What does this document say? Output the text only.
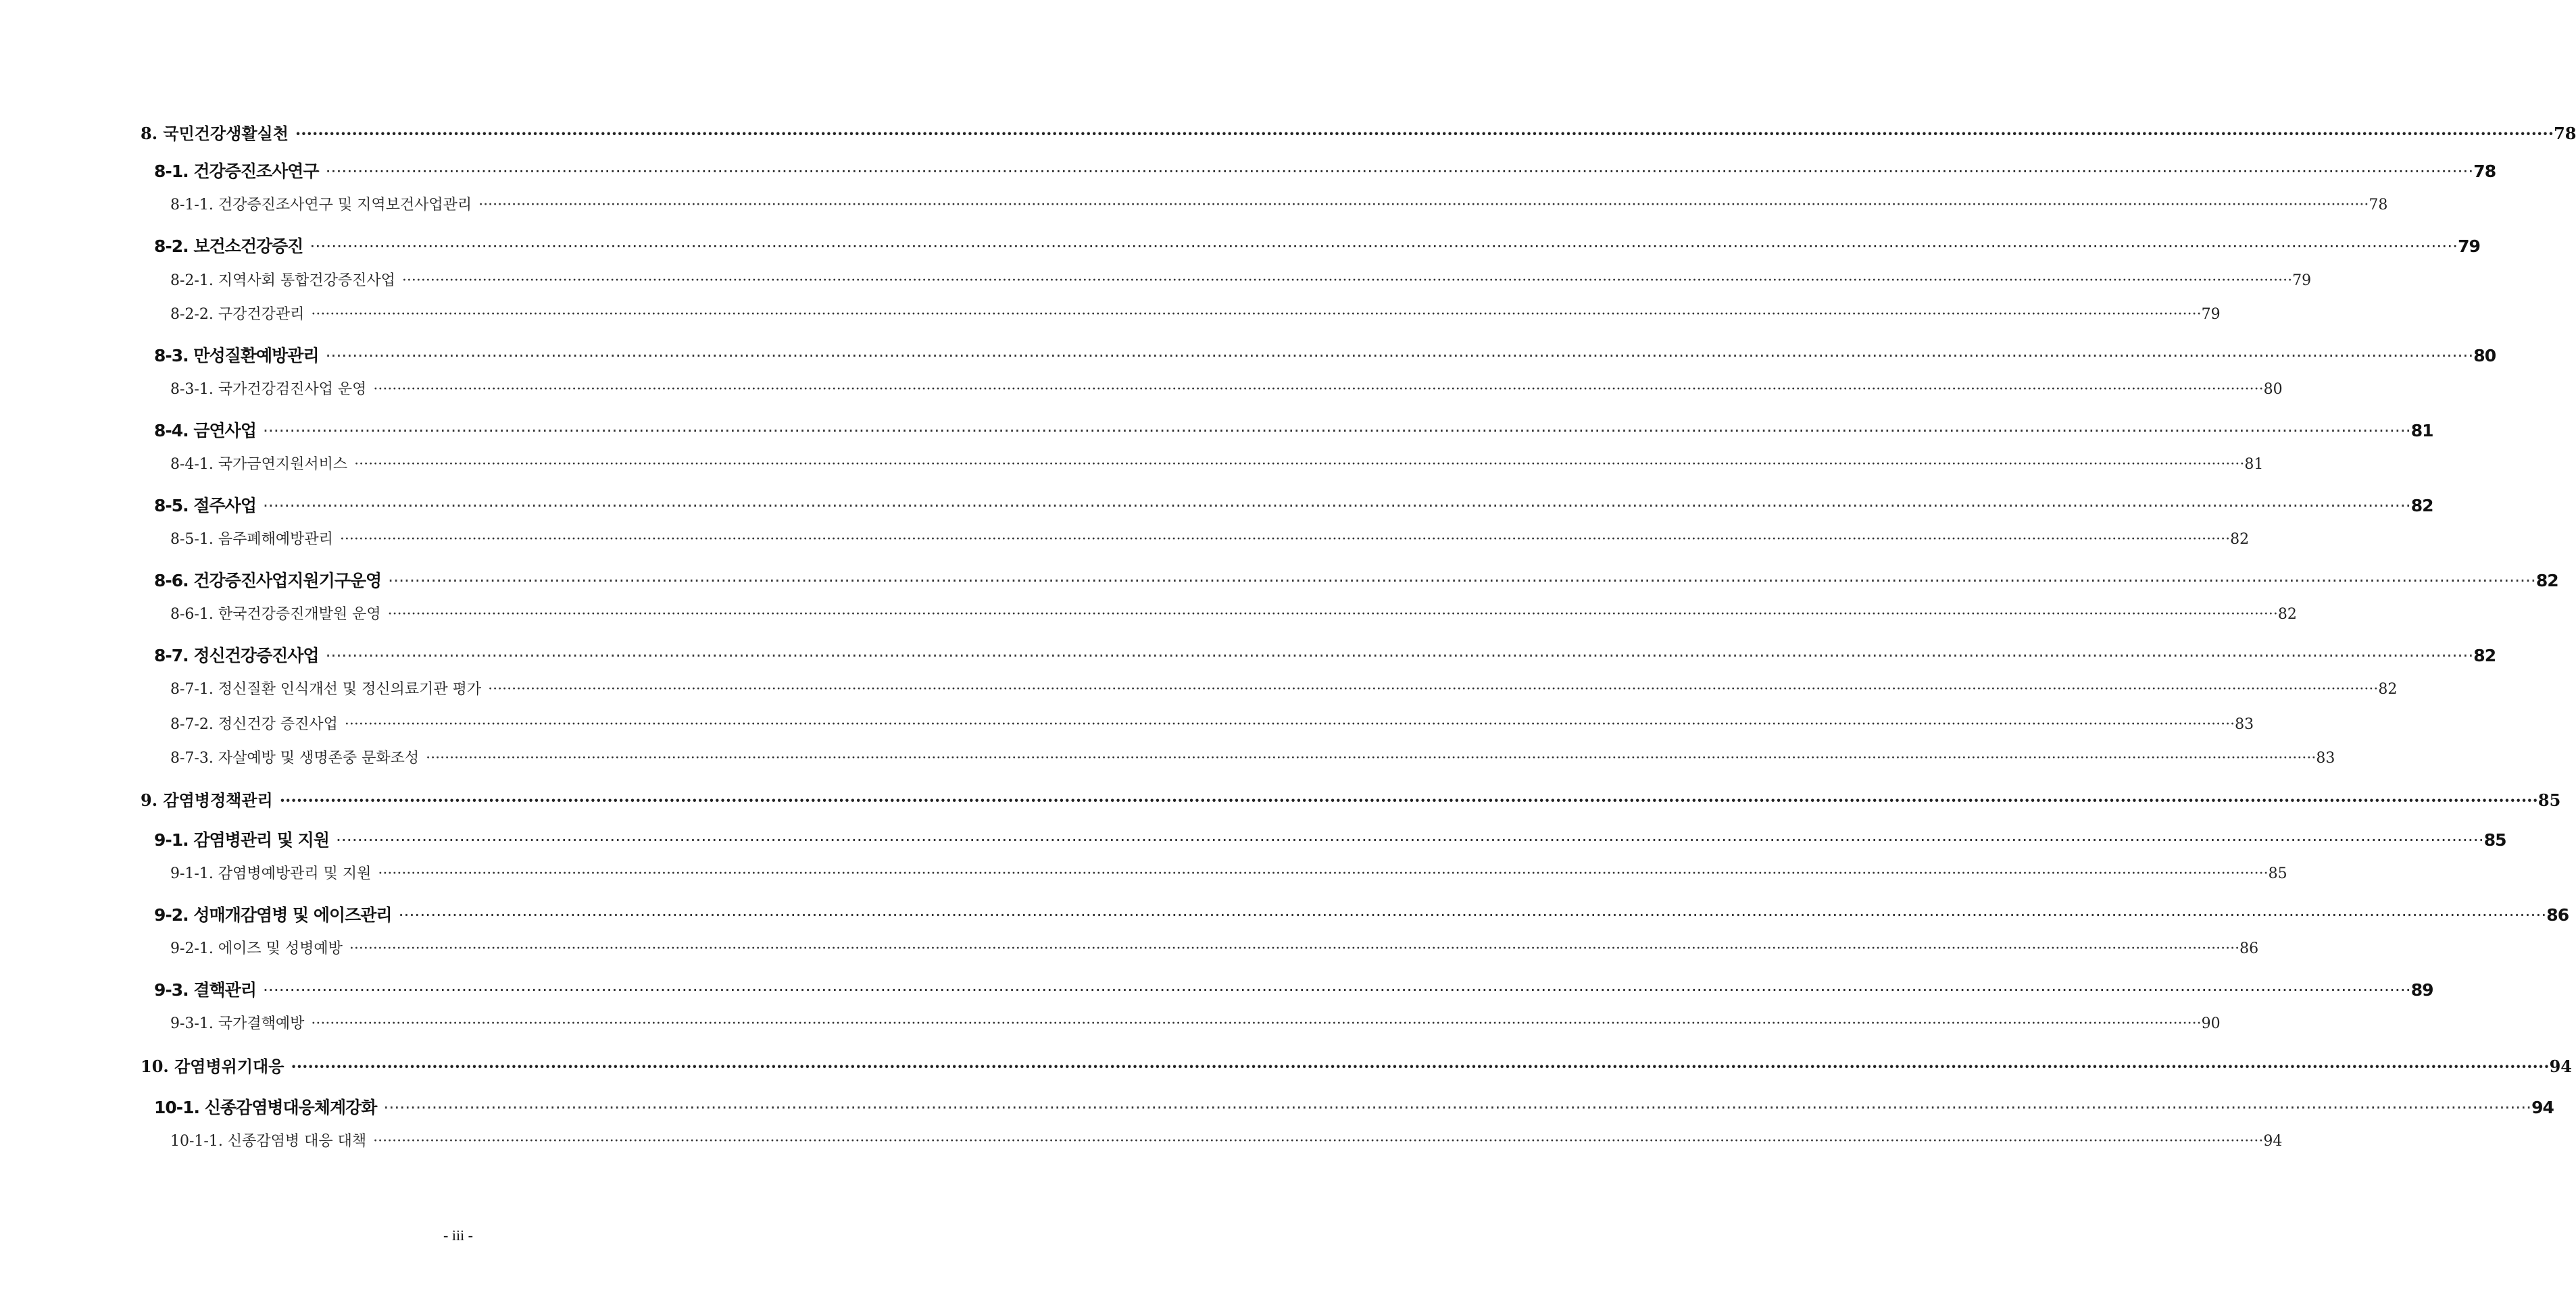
8. 국민건강생활실천 ················································································································································································································································································································································································································ 78
8-1. 건강증진조사연구 ················································································································································································································································································································································································································ 78
8-1-1. 건강증진조사연구 및 지역보건사업관리 ················································································································································································································································································································································································································ 78
8-2. 보건소건강증진 ················································································································································································································································································································································································································ 79
8-2-1. 지역사회 통합건강증진사업 ················································································································································································································································································································································································································ 79
8-2-2. 구강건강관리 ················································································································································································································································································································································································································ 79
8-3. 만성질환예방관리 ················································································································································································································································································································································································································ 80
8-3-1. 국가건강검진사업 운영 ················································································································································································································································································································································································································ 80
8-4. 금연사업 ················································································································································································································································································································································································································ 81
8-4-1. 국가금연지원서비스 ················································································································································································································································································································································································································ 81
8-5. 절주사업 ················································································································································································································································································································································································································ 82
8-5-1. 음주폐해예방관리 ················································································································································································································································································································································································································ 82
8-6. 건강증진사업지원기구운영 ················································································································································································································································································································································································································ 82
8-6-1. 한국건강증진개발원 운영 ················································································································································································································································································································································································································ 82
8-7. 정신건강증진사업 ················································································································································································································································································································································································································ 82
8-7-1. 정신질환 인식개선 및 정신의료기관 평가 ················································································································································································································································································································································································································ 82
8-7-2. 정신건강 증진사업 ················································································································································································································································································································································································································ 83
8-7-3. 자살예방 및 생명존중 문화조성 ················································································································································································································································································································································································································ 83
9. 감염병정책관리 ················································································································································································································································································································································································································ 85
9-1. 감염병관리 및 지원 ················································································································································································································································································································································································································ 85
9-1-1. 감염병예방관리 및 지원 ················································································································································································································································································································································································································ 85
9-2. 성매개감염병 및 에이즈관리 ················································································································································································································································································································································································································ 86
9-2-1. 에이즈 및 성병예방 ················································································································································································································································································································································································································ 86
9-3. 결핵관리 ················································································································································································································································································································································································································ 89
9-3-1. 국가결핵예방 ················································································································································································································································································································································································································ 90
10. 감염병위기대응 ················································································································································································································································································································································································································ 94
10-1. 신종감염병대응체계강화 ················································································································································································································································································································································································································ 94
10-1-1. 신종감염병 대응 대책 ················································································································································································································································································································································································································ 94
- iii -
